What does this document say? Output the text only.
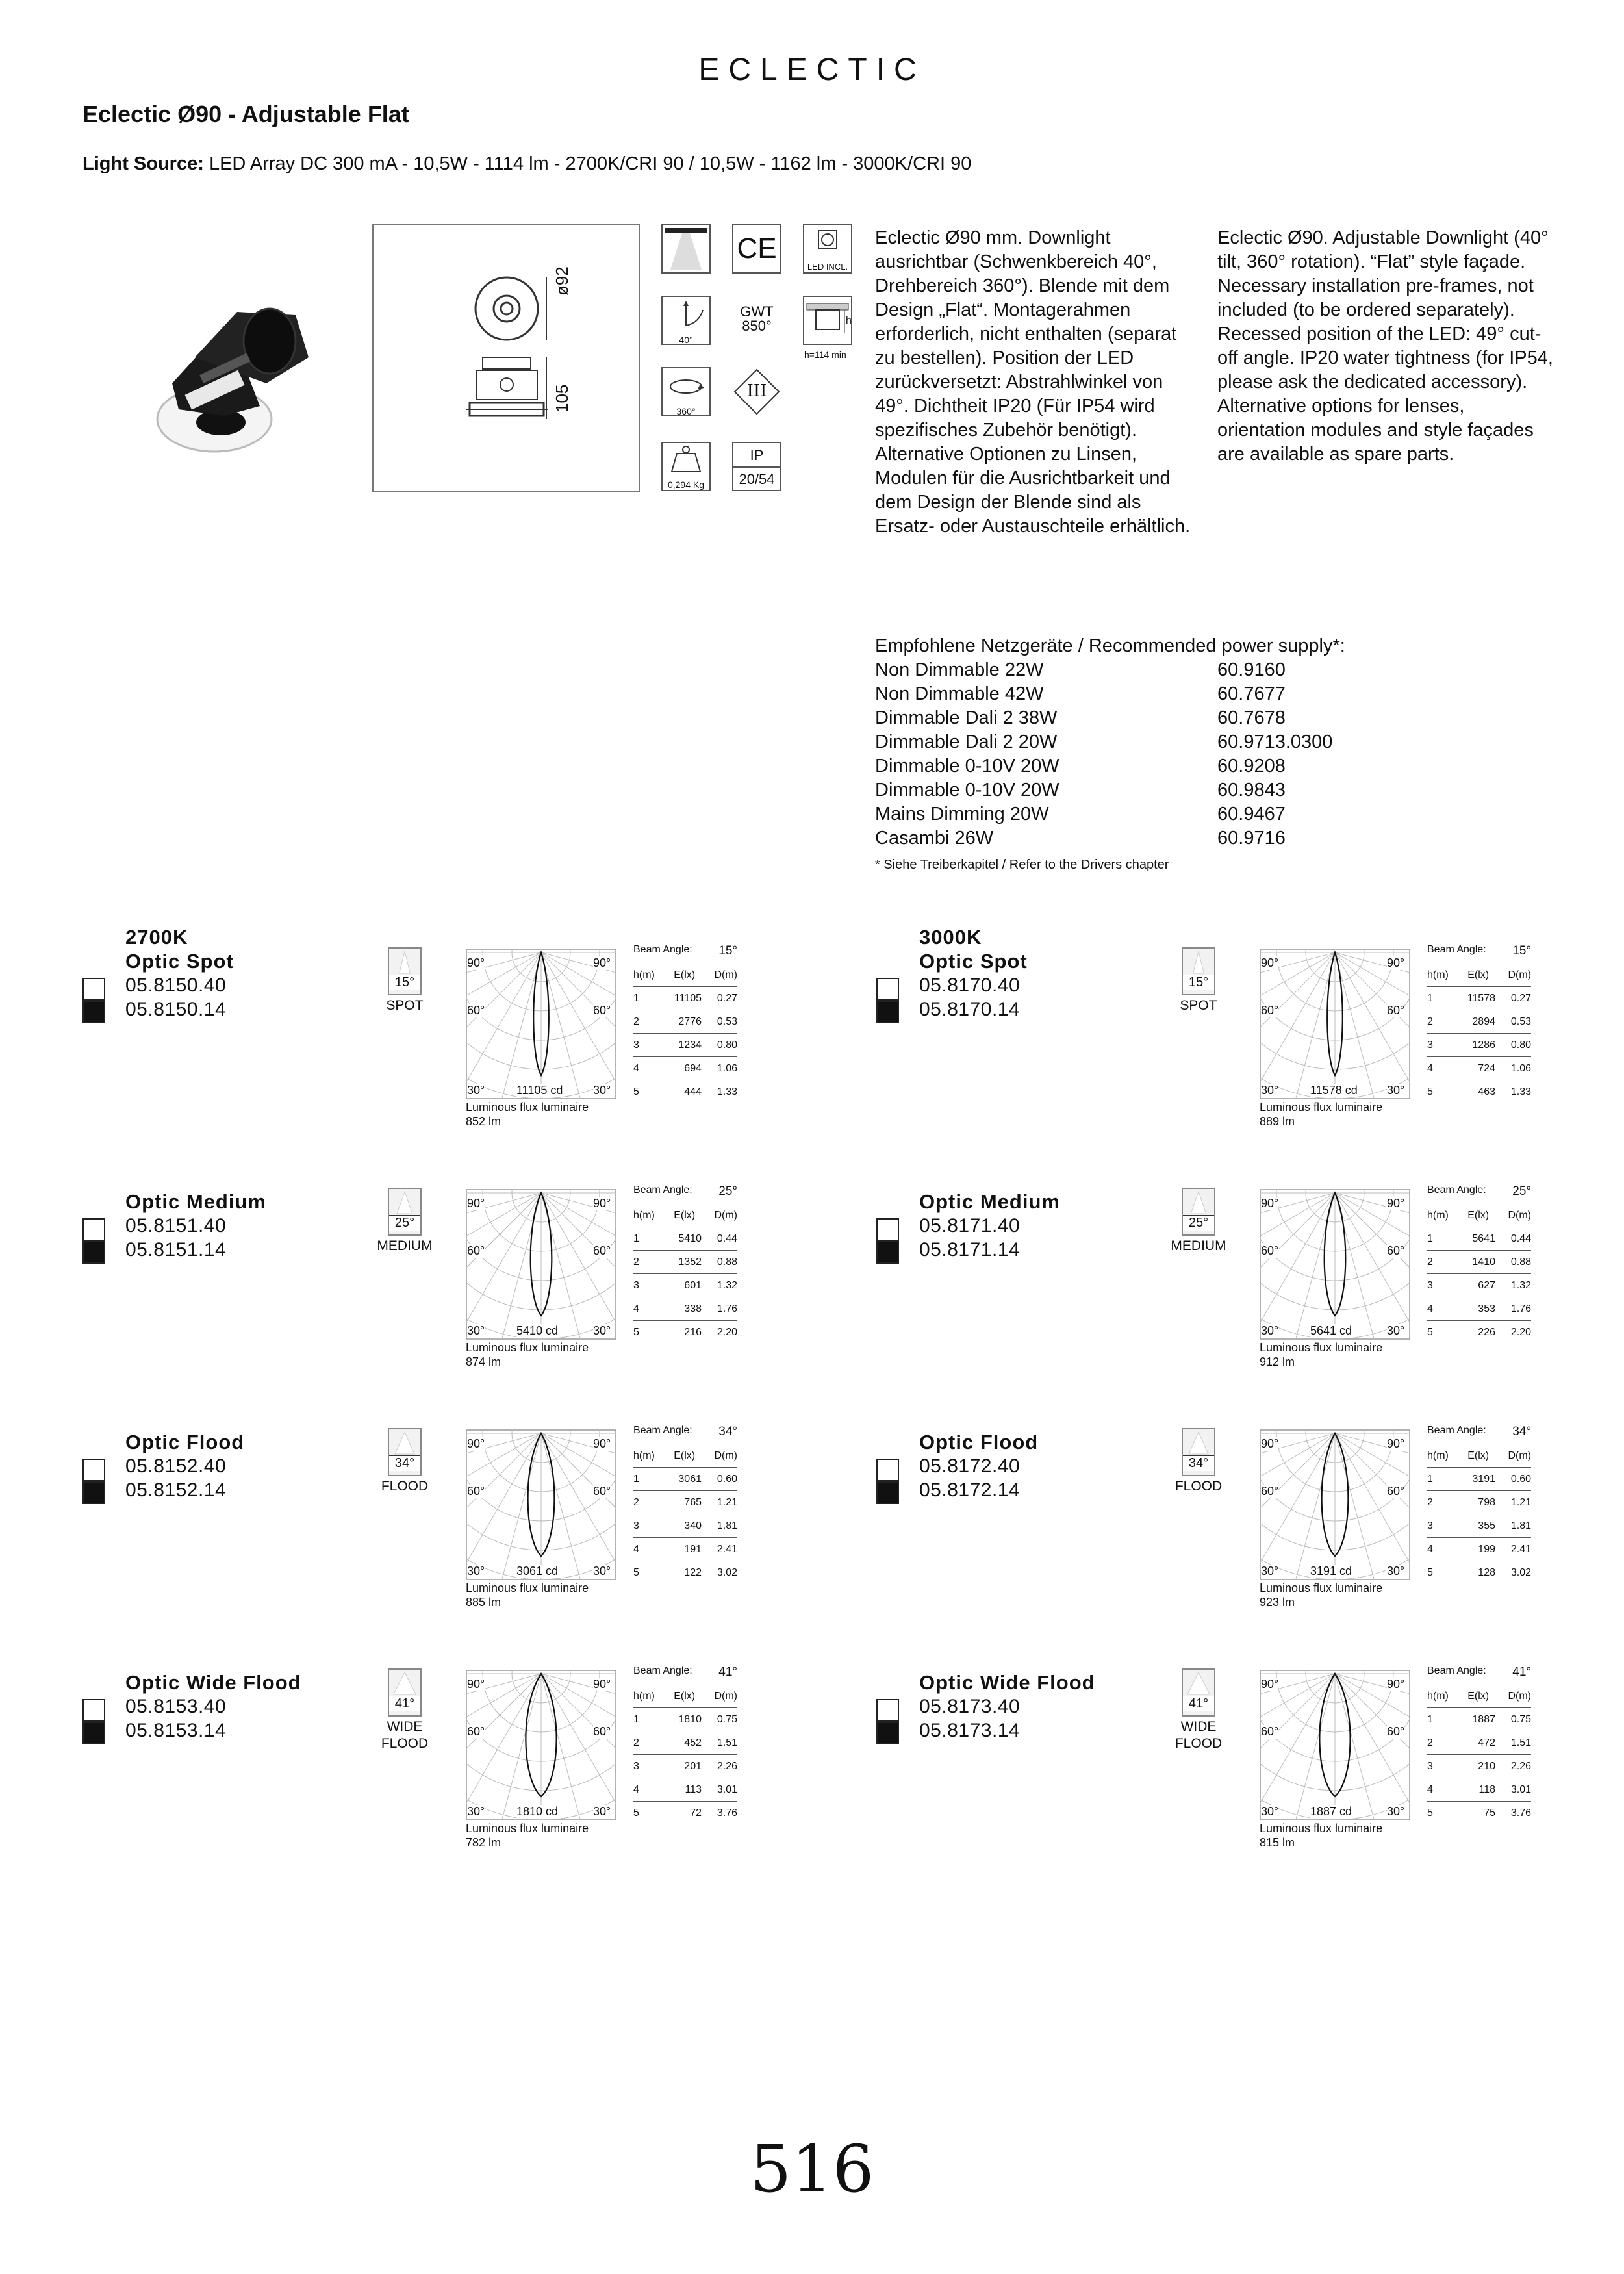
ECLECTIC
Eclectic Ø90 - Adjustable Flat
Light Source: LED Array DC 300 mA - 10,5W - 1114 lm - 2700K/CRI 90 / 10,5W - 1162 lm - 3000K/CRI 90
ø92
105
CE
LED INCL.
40°
GWT
850°	h
h=114 min
360°
III
0,294 Kg
IP
20/54
Eclectic Ø90 mm. Downlight ausrichtbar (Schwenkbereich 40°, Drehbereich 360°). Blende mit dem Design „Flat“. Montagerahmen erforderlich, nicht enthalten (separat zu bestellen). Position der LED zurückversetzt: Abstrahlwinkel von 49°. Dichtheit IP20 (Für IP54 wird spezifisches Zubehör benötigt). Alternative Optionen zu Linsen, Modulen für die Ausrichtbarkeit und dem Design der Blende sind als Ersatz- oder Austauschteile erhältlich.
Eclectic Ø90. Adjustable Downlight (40° tilt, 360° rotation). “Flat” style façade. Necessary installation pre-frames, not included (to be ordered separately). Recessed position of the LED: 49° cut-off angle. IP20 water tightness (for IP54, please ask the dedicated accessory). Alternative options for lenses, orientation modules and style façades are available as spare parts.
Empfohlene Netzgeräte / Recommended power supply*:
Non Dimmable 22W	60.9160
Non Dimmable 42W	60.7677
Dimmable Dali 2 38W	60.7678
Dimmable Dali 2 20W	60.9713.0300
Dimmable 0-10V 20W	60.9208
Dimmable 0-10V 20W	60.9843
Mains Dimming 20W	60.9467
Casambi 26W	60.9716
* Siehe Treiberkapitel / Refer to the Drivers chapter
2700K
Optic Spot
05.8150.40
05.8150.14
15°
SPOT
90°	90°
60°	60°
30°	30°
11105 cd
Luminous flux luminaire
852 lm
Beam Angle: 15°
h(m) E(lx) D(m)
1	11105	0.27
2	2776	0.53
3	1234	0.80
4	694	1.06
5	444	1.33
Optic Medium
05.8151.40
05.8151.14
25°
MEDIUM
90°	90°
60°	60°
30°	30°
5410 cd
Luminous flux luminaire
874 lm
Beam Angle: 25°
h(m) E(lx) D(m)
1	5410	0.44
2	1352	0.88
3	601	1.32
4	338	1.76
5	216	2.20
Optic Flood
05.8152.40
05.8152.14
34°
FLOOD
90°	90°
60°	60°
30°	30°
3061 cd
Luminous flux luminaire
885 lm
Beam Angle: 34°
h(m) E(lx) D(m)
1	3061	0.60
2	765	1.21
3	340	1.81
4	191	2.41
5	122	3.02
Optic Wide Flood
05.8153.40
05.8153.14
41°
WIDE
FLOOD
90°	90°
60°	60°
30°	30°
1810 cd
Luminous flux luminaire
782 lm
Beam Angle: 41°
h(m) E(lx) D(m)
1	1810	0.75
2	452	1.51
3	201	2.26
4	113	3.01
5	72	3.76
3000K
Optic Spot
05.8170.40
05.8170.14
15°
SPOT
90°	90°
60°	60°
30°	30°
11578 cd
Luminous flux luminaire
889 lm
Beam Angle: 15°
h(m) E(lx) D(m)
1	11578	0.27
2	2894	0.53
3	1286	0.80
4	724	1.06
5	463	1.33
Optic Medium
05.8171.40
05.8171.14
25°
MEDIUM
90°	90°
60°	60°
30°	30°
5641 cd
Luminous flux luminaire
912 lm
Beam Angle: 25°
h(m) E(lx) D(m)
1	5641	0.44
2	1410	0.88
3	627	1.32
4	353	1.76
5	226	2.20
Optic Flood
05.8172.40
05.8172.14
34°
FLOOD
90°	90°
60°	60°
30°	30°
3191 cd
Luminous flux luminaire
923 lm
Beam Angle: 34°
h(m) E(lx) D(m)
1	3191	0.60
2	798	1.21
3	355	1.81
4	199	2.41
5	128	3.02
Optic Wide Flood
05.8173.40
05.8173.14
41°
WIDE
FLOOD
90°	90°
60°	60°
30°	30°
1887 cd
Luminous flux luminaire
815 lm
Beam Angle: 41°
h(m) E(lx) D(m)
1	1887	0.75
2	472	1.51
3	210	2.26
4	118	3.01
5	75	3.76
516
